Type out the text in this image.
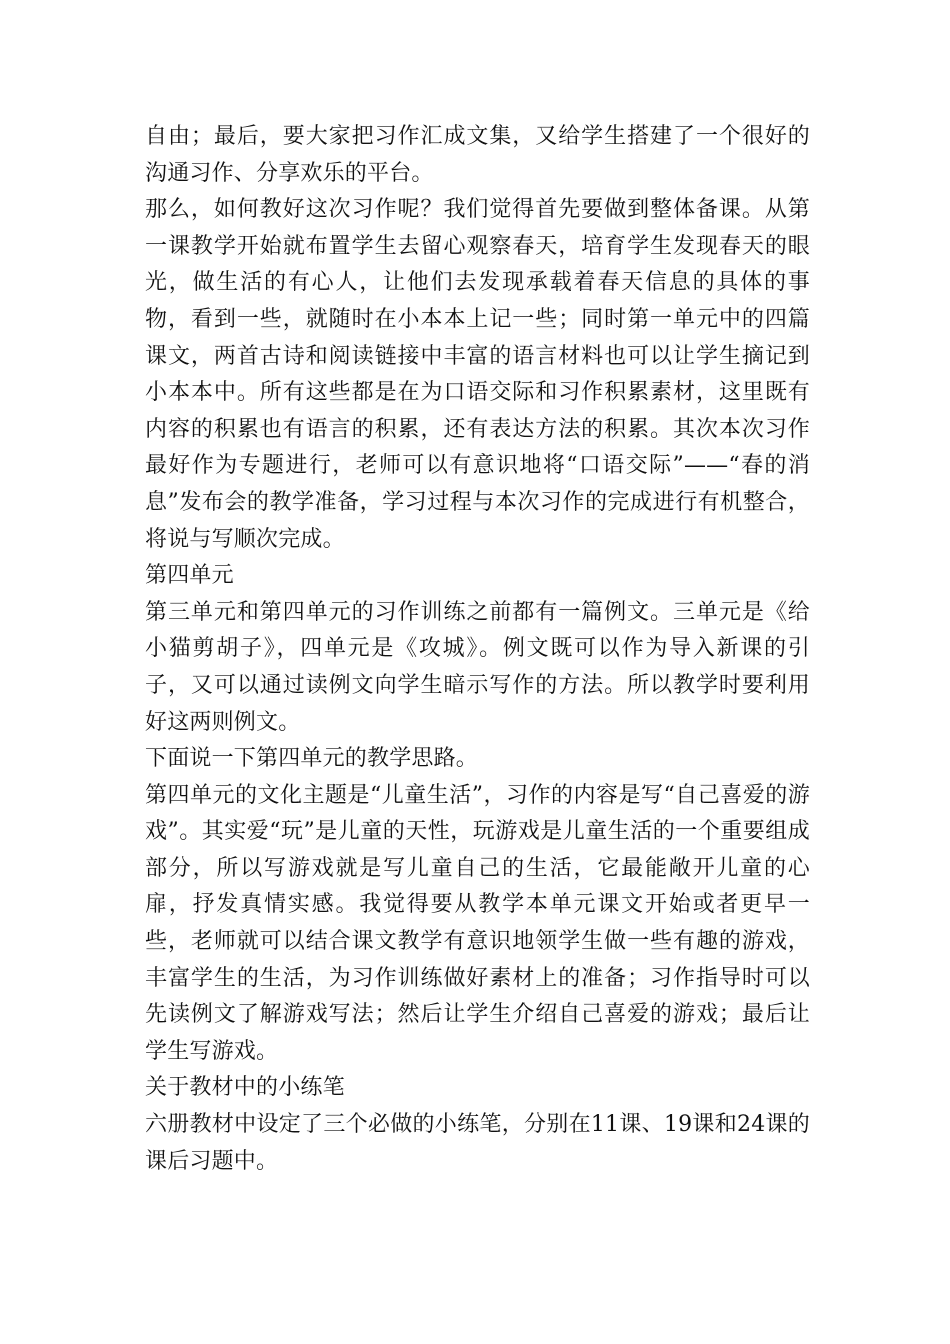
自由；最后，要大家把习作汇成文集，又给学生搭建了一个很好的沟通习作、分享欢乐的平台。

那么，如何教好这次习作呢？我们觉得首先要做到整体备课。从第一课教学开始就布置学生去留心观察春天，培育学生发现春天的眼光，做生活的有心人，让他们去发现承载着春天信息的具体的事物，看到一些，就随时在小本本上记一些；同时第一单元中的四篇课文，两首古诗和阅读链接中丰富的语言材料也可以让学生摘记到小本本中。所有这些都是在为口语交际和习作积累素材，这里既有内容的积累也有语言的积累，还有表达方法的积累。其次本次习作最好作为专题进行，老师可以有意识地将“口语交际”——“春的消息”发布会的教学准备，学习过程与本次习作的完成进行有机整合，将说与写顺次完成。

第四单元

第三单元和第四单元的习作训练之前都有一篇例文。三单元是《给小猫剪胡子》，四单元是《攻城》。例文既可以作为导入新课的引子，又可以通过读例文向学生暗示写作的方法。所以教学时要利用好这两则例文。

下面说一下第四单元的教学思路。

第四单元的文化主题是“儿童生活”，习作的内容是写“自己喜爱的游戏”。其实爱“玩”是儿童的天性，玩游戏是儿童生活的一个重要组成部分，所以写游戏就是写儿童自己的生活，它最能敞开儿童的心扉，抒发真情实感。我觉得要从教学本单元课文开始或者更早一些，老师就可以结合课文教学有意识地领学生做一些有趣的游戏，丰富学生的生活，为习作训练做好素材上的准备；习作指导时可以先读例文了解游戏写法；然后让学生介绍自己喜爱的游戏；最后让学生写游戏。

关于教材中的小练笔

六册教材中设定了三个必做的小练笔，分别在11课、19课和24课的课后习题中。
